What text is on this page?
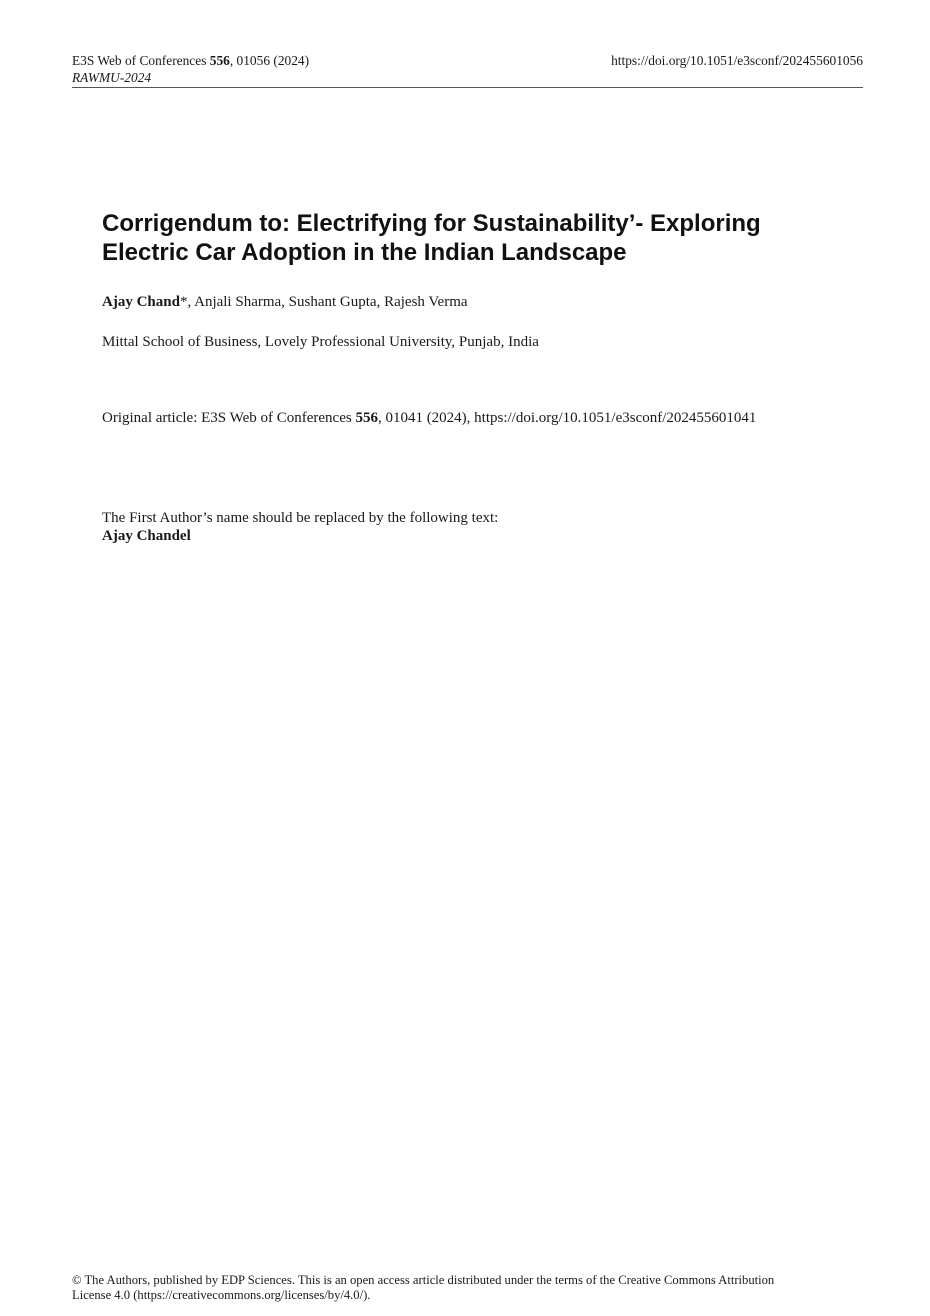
E3S Web of Conferences 556, 01056 (2024)
RAWMU-2024
https://doi.org/10.1051/e3sconf/202455601056
Corrigendum to: Electrifying for Sustainability’- Exploring
Electric Car Adoption in the Indian Landscape
Ajay Chand*, Anjali Sharma, Sushant Gupta, Rajesh Verma
Mittal School of Business, Lovely Professional University, Punjab, India
Original article: E3S Web of Conferences 556, 01041 (2024), https://doi.org/10.1051/e3sconf/202455601041
The First Author’s name should be replaced by the following text:
Ajay Chandel
© The Authors, published by EDP Sciences. This is an open access article distributed under the terms of the Creative Commons Attribution
License 4.0 (https://creativecommons.org/licenses/by/4.0/).
